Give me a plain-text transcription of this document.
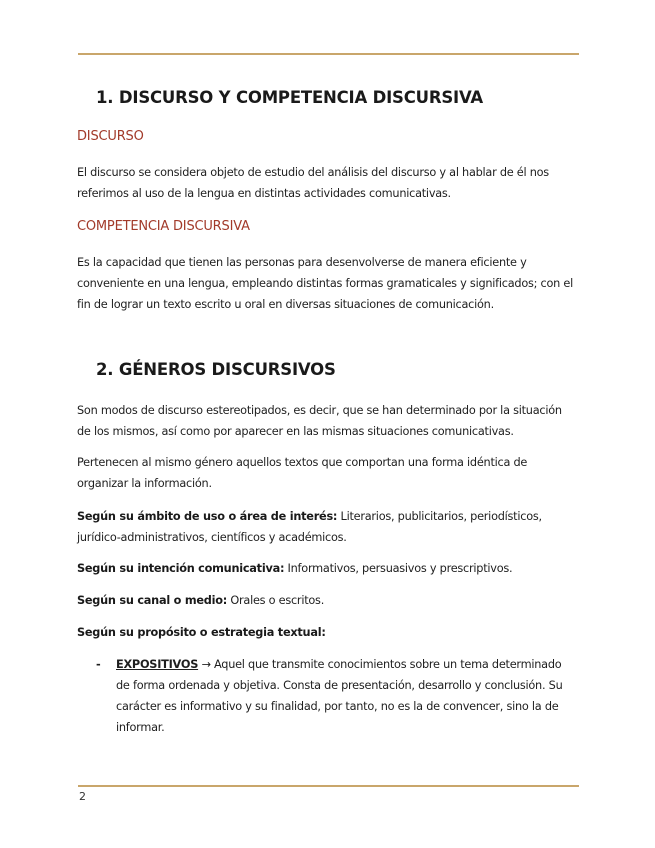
1. DISCURSO Y COMPETENCIA DISCURSIVA
DISCURSO

El discurso se considera objeto de estudio del análisis del discurso y al hablar de él nos referimos al uso de la lengua en distintas actividades comunicativas.

COMPETENCIA DISCURSIVA

Es la capacidad que tienen las personas para desenvolverse de manera eficiente y conveniente en una lengua, empleando distintas formas gramaticales y significados; con el fin de lograr un texto escrito u oral en diversas situaciones de comunicación.

2. GÉNEROS DISCURSIVOS

Son modos de discurso estereotipados, es decir, que se han determinado por la situación de los mismos, así como por aparecer en las mismas situaciones comunicativas.

Pertenecen al mismo género aquellos textos que comportan una forma idéntica de organizar la información.

Según su ámbito de uso o área de interés: Literarios, publicitarios, periodísticos, jurídico-administrativos, científicos y académicos.

Según su intención comunicativa: Informativos, persuasivos y prescriptivos.

Según su canal o medio: Orales o escritos.

Según su propósito o estrategia textual:

- EXPOSITIVOS → Aquel que transmite conocimientos sobre un tema determinado de forma ordenada y objetiva. Consta de presentación, desarrollo y conclusión. Su carácter es informativo y su finalidad, por tanto, no es la de convencer, sino la de informar.
2
